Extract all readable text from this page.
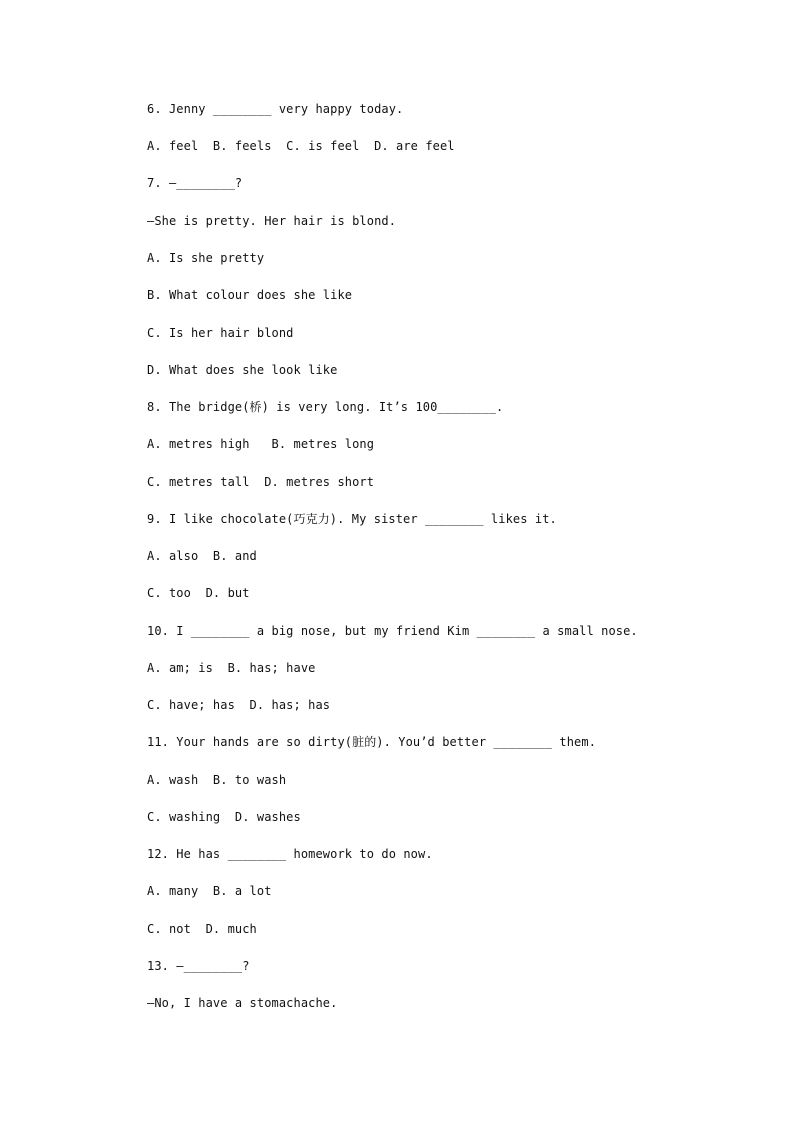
6. Jenny ________ very happy today.
A. feel  B. feels  C. is feel  D. are feel
7. —________?
—She is pretty. Her hair is blond.
A. Is she pretty
B. What colour does she like
C. Is her hair blond
D. What does she look like
8. The bridge(桥) is very long. It’s 100________.
A. metres high   B. metres long
C. metres tall  D. metres short
9. I like chocolate(巧克力). My sister ________ likes it.
A. also  B. and
C. too  D. but
10. I ________ a big nose, but my friend Kim ________ a small nose.
A. am; is  B. has; have
C. have; has  D. has; has
11. Your hands are so dirty(脏的). You’d better ________ them.
A. wash  B. to wash
C. washing  D. washes
12. He has ________ homework to do now.
A. many  B. a lot
C. not  D. much
13. —________?
—No, I have a stomachache.
